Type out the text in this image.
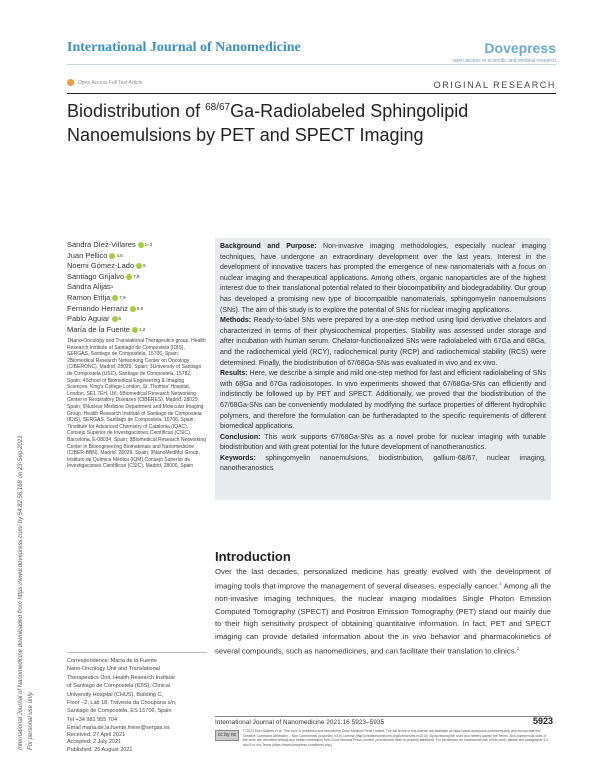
International Journal of Nanomedicine	Dovepress
open access to scientific and medical research
Open Access Full Text Article	ORIGINAL RESEARCH
Biodistribution of $^{68/67}$Ga-Radiolabeled Sphingolipid Nanoemulsions by PET and SPECT Imaging
International Journal of Nanomedicine downloaded from https://www.dovepress.com/ by 54.82.56.168 on 23-Sep-2021 For personal use only.
Sandra Díez-Villares 1–3
Juan Pellico 4,5
Noemi Gómez-Lado 6
Santiago Grijalvo 7,8
Sandra Alijas 1
Ramon Eritja 7,8
Fernando Herranz 5,9
Pablo Aguiar 6
María de la Fuente 1,2
1Nano-Oncology and Translational Therapeutics group, Health Research Institute of Santiago de Compostela (IDIS), SERGAS, Santiago de Compostela, 15706, Spain; 2Biomedical Research Networking Center on Oncology (CIBERONC), Madrid, 28029, Spain; 3University of Santiago de Compostela (USC), Santiago de Compostela, 15782, Spain; 4School of Biomedical Engineering & Imaging Sciences, King's College London, St. Thomas' Hospital, London, SE1 7EH, UK; 5Biomedical Research Networking Center in Respiratory Diseases (CIBERES), Madrid, 28029, Spain; 6Nuclear Medicine Department and Molecular Imaging Group, Health Research Institute of Santiago de Compostela (IDIS), SERGAS, Santiago de Compostela, 15706, Spain; 7Institute for Advanced Chemistry of Catalonia (IQAC), Consejo Superior de Investigaciones Científicas (CSIC), Barcelona, E-08034, Spain; 8Biomedical Research Networking Center in Bioengineering Biomaterials and Nanomedicine (CIBER-BBN), Madrid, 28029, Spain; 9NanoMedMol Group, Instituto de Química Médica (IQM),Consejo Superior de Investigaciones Científicas (CSIC), Madrid, 28006, Spain
Correspondence: María de la Fuente
Nano-Oncology Unit and Translational
Therapeutics Unit, Health Research Institute
of Santiago de Compostela (IDIS), Clinical
University Hospital (CHUS), Building C,
Floor −2, Lab 18, Travesía da Choupana s/n,
Santiago de Compostela, ES 15706, Spain
Tel +34 981 955 704
Email maria.de.la.fuente.freire@sergas.es
Received: 27 April 2021
Accepted: 2 July 2021
Published: 26 August 2021

Background and Purpose: Non-invasive imaging methodologies, especially nuclear imaging techniques, have undergone an extraordinary development over the last years. Interest in the development of innovative tracers has prompted the emergence of new nanomaterials with a focus on nuclear imaging and therapeutical applications. Among others, organic nanoparticles are of the highest interest due to their translational potential related to their biocompatibility and biodegradability. Our group has developed a promising new type of biocompatible nanomaterials, sphingomyelin nanoemulsions (SNs). The aim of this study is to explore the potential of SNs for nuclear imaging applications.

Methods: Ready-to-label SNs were prepared by a one-step method using lipid derivative chelators and characterized in terms of their physicochemical properties. Stability was assessed under storage and after incubation with human serum. Chelator-functionalized SNs were radiolabeled with 67Ga and 68Ga, and the radiochemical yield (RCY), radiochemical purity (RCP) and radiochemical stability (RCS) were determined. Finally, the biodistribution of 67/68Ga-SNs was evaluated in vivo and ex vivo.

Results: Here, we describe a simple and mild one-step method for fast and efficient radiolabeling of SNs with 68Ga and 67Ga radioisotopes. In vivo experiments showed that 67/68Ga-SNs can efficiently and indistinctly be followed up by PET and SPECT. Additionally, we proved that the biodistribution of the 67/68Ga-SNs can be conveniently modulated by modifying the surface properties of different hydrophilic polymers, and therefore the formulation can be furtheradapted to the specific requirements of different biomedical applications.

Conclusion: This work supports 67/68Ga-SNs as a novel probe for nuclear imaging with tunable biodistribution and with great potential for the future development of nanotheranostics.

Keywords: sphingomyelin nanoemulsions, biodistribution, gallium-68/67, nuclear imaging, nanotheranostics

Introduction
Over the last decades, personalized medicine has greatly evolved with the development of imaging tools that improve the management of several diseases, especially cancer.$^1$ Among all the non-invasive imaging techniques, the nuclear imaging modalities Single Photon Emission Computed Tomography (SPECT) and Positron Emission Tomography (PET) stand out mainly due to their high sensitivity prospect of obtaining quantitative information. In fact, PET and SPECT imaging can provide detailed information about the in vivo behavior and pharmacokinetics of several compounds, such as nanomedicines, and can facilitate their translation to clinics.$^2$
International Journal of Nanomedicine 2021:16 5923–5935	5923
cc by nc
© 2021 Díez-Villares et al. This work is published and licensed by Dove Medical Press Limited. The full terms of this license are available at https://www.dovepress.com/terms.php and incorporate the Creative Commons Attribution – Non Commercial (unported, v3.0) License (http://creativecommons.org/licenses/by-nc/3.0/). By accessing the work you hereby accept the Terms. Non-commercial uses of the work are permitted without any further permission from Dove Medical Press Limited, provided the work is properly attributed. For permission for commercial use of this work, please see paragraphs 4.2 and 5 of our Terms (https://www.dovepress.com/terms.php).
